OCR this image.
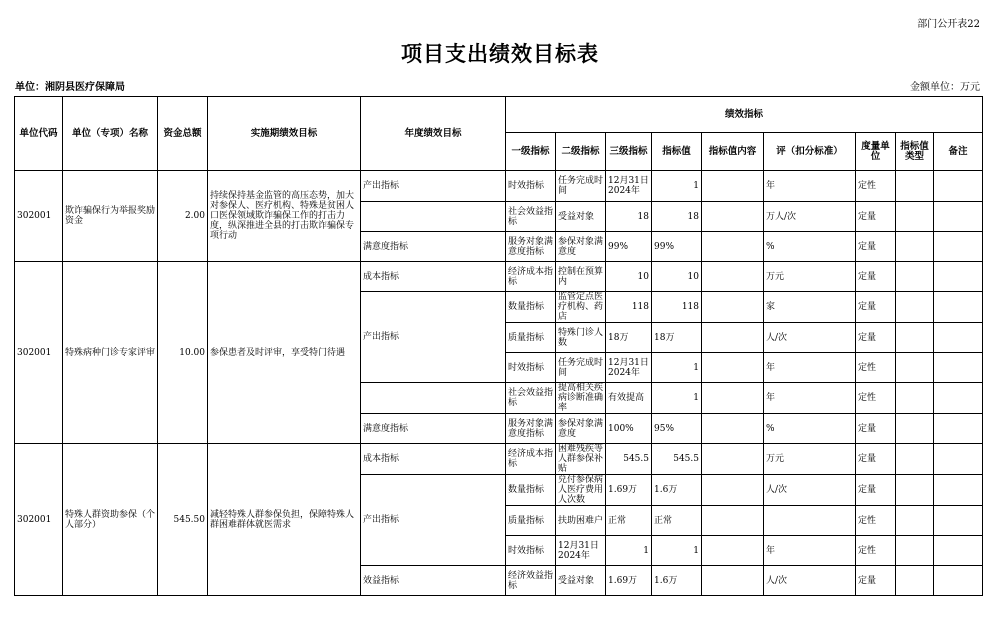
部门公开表22
项目支出绩效目标表
单位：湘阴县医疗保障局	金额单位：万元
单位代码	单位（专项）名称	资金总额	实施期绩效目标	年度绩效目标	绩效指标								
					一级指标	二级指标	三级指标	指标值	指标值内容	评（扣分标准）	度量单位	指标值类型	备注
302001	欺诈骗保行为举报奖励资金	2.00	持续保持基金监管的高压态势，加大对参保人、医疗机构、特殊是贫困人口医保领域欺诈骗保工作的打击力度，纵深推进全县的打击欺诈骗保专项行动	产出指标	时效指标	任务完成时间	12月31日 2024年	1		年	定性		
					社会效益指标	受益对象	18	18		万人/次	定量		
				满意度指标	服务对象满意度指标	参保对象满意度	99%	99%		%	定量		
302001	特殊病种门诊专家评审	10.00	参保患者及时评审，享受特门待遇	成本指标	经济成本指标	控制在预算内	10	10		万元	定量		
				产出指标	数量指标	监管定点医疗机构、药店	118	118		家	定量		
					质量指标	特殊门诊人数	18万	18万		人/次	定量		
					时效指标	任务完成时间	12月31日 2024年	1		年	定性		
					社会效益指标	提高相关疾病诊断准确率	有效提高	1		年	定性		
				满意度指标	服务对象满意度指标	参保对象满意度	100%	95%		%	定量		
302001	特殊人群资助参保（个人部分）	545.50	减轻特殊人群参保负担，保障特殊人群困难群体就医需求	成本指标	经济成本指标	困难残疾等人群参保补贴	545.5	545.5		万元	定量		
				产出指标	数量指标	兑付参保病人医疗费用人次数	1.69万	1.6万		人/次	定量		
					质量指标	扶助困难户	正常	正常			定性		
					时效指标	12月31日 2024年	1	1		年	定性		
				效益指标	经济效益指标	受益对象	1.69万	1.6万		人/次	定量		
